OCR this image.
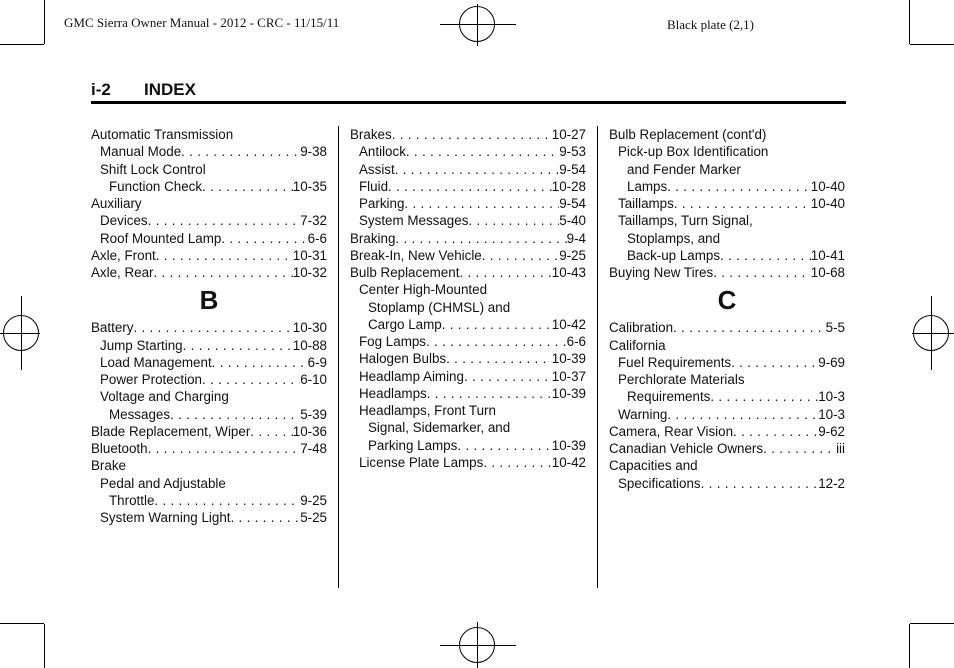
GMC Sierra Owner Manual - 2012 - CRC - 11/15/11	Black plate (2,1)
i-2 INDEX
Automatic Transmission
Manual Mode . . .	9-38
Shift Lock Control
Function Check . . .	10-35
Auxiliary
Devices . . .	7-32
Roof Mounted Lamp . . .	6-6
Axle, Front . . .	10-31
Axle, Rear . . .	10-32
B
Battery . . .	10-30
Jump Starting . . .	10-88
Load Management . . .	6-9
Power Protection . . .	6-10
Voltage and Charging
Messages . . .	5-39
Blade Replacement, Wiper . . .	10-36
Bluetooth . . .	7-48
Brake
Pedal and Adjustable
Throttle . . .	9-25
System Warning Light . . .	5-25
Brakes . . .	10-27
Antilock . . .	9-53
Assist . . .	9-54
Fluid . . .	10-28
Parking . . .	9-54
System Messages . . .	5-40
Braking . . .	9-4
Break-In, New Vehicle . . .	9-25
Bulb Replacement . . .	10-43
Center High-Mounted
Stoplamp (CHMSL) and
Cargo Lamp . . .	10-42
Fog Lamps . . .	6-6
Halogen Bulbs . . .	10-39
Headlamp Aiming . . .	10-37
Headlamps . . .	10-39
Headlamps, Front Turn
Signal, Sidemarker, and
Parking Lamps . . .	10-39
License Plate Lamps . . .	10-42
Bulb Replacement (cont'd)
Pick-up Box Identification
and Fender Marker
Lamps . . .	10-40
Taillamps . . .	10-40
Taillamps, Turn Signal,
Stoplamps, and
Back-up Lamps . . .	10-41
Buying New Tires . . .	10-68
C
Calibration . . .	5-5
California
Fuel Requirements . . .	9-69
Perchlorate Materials
Requirements . . .	10-3
Warning . . .	10-3
Camera, Rear Vision . . .	9-62
Canadian Vehicle Owners . . .	iii
Capacities and
Specifications . . .	12-2
